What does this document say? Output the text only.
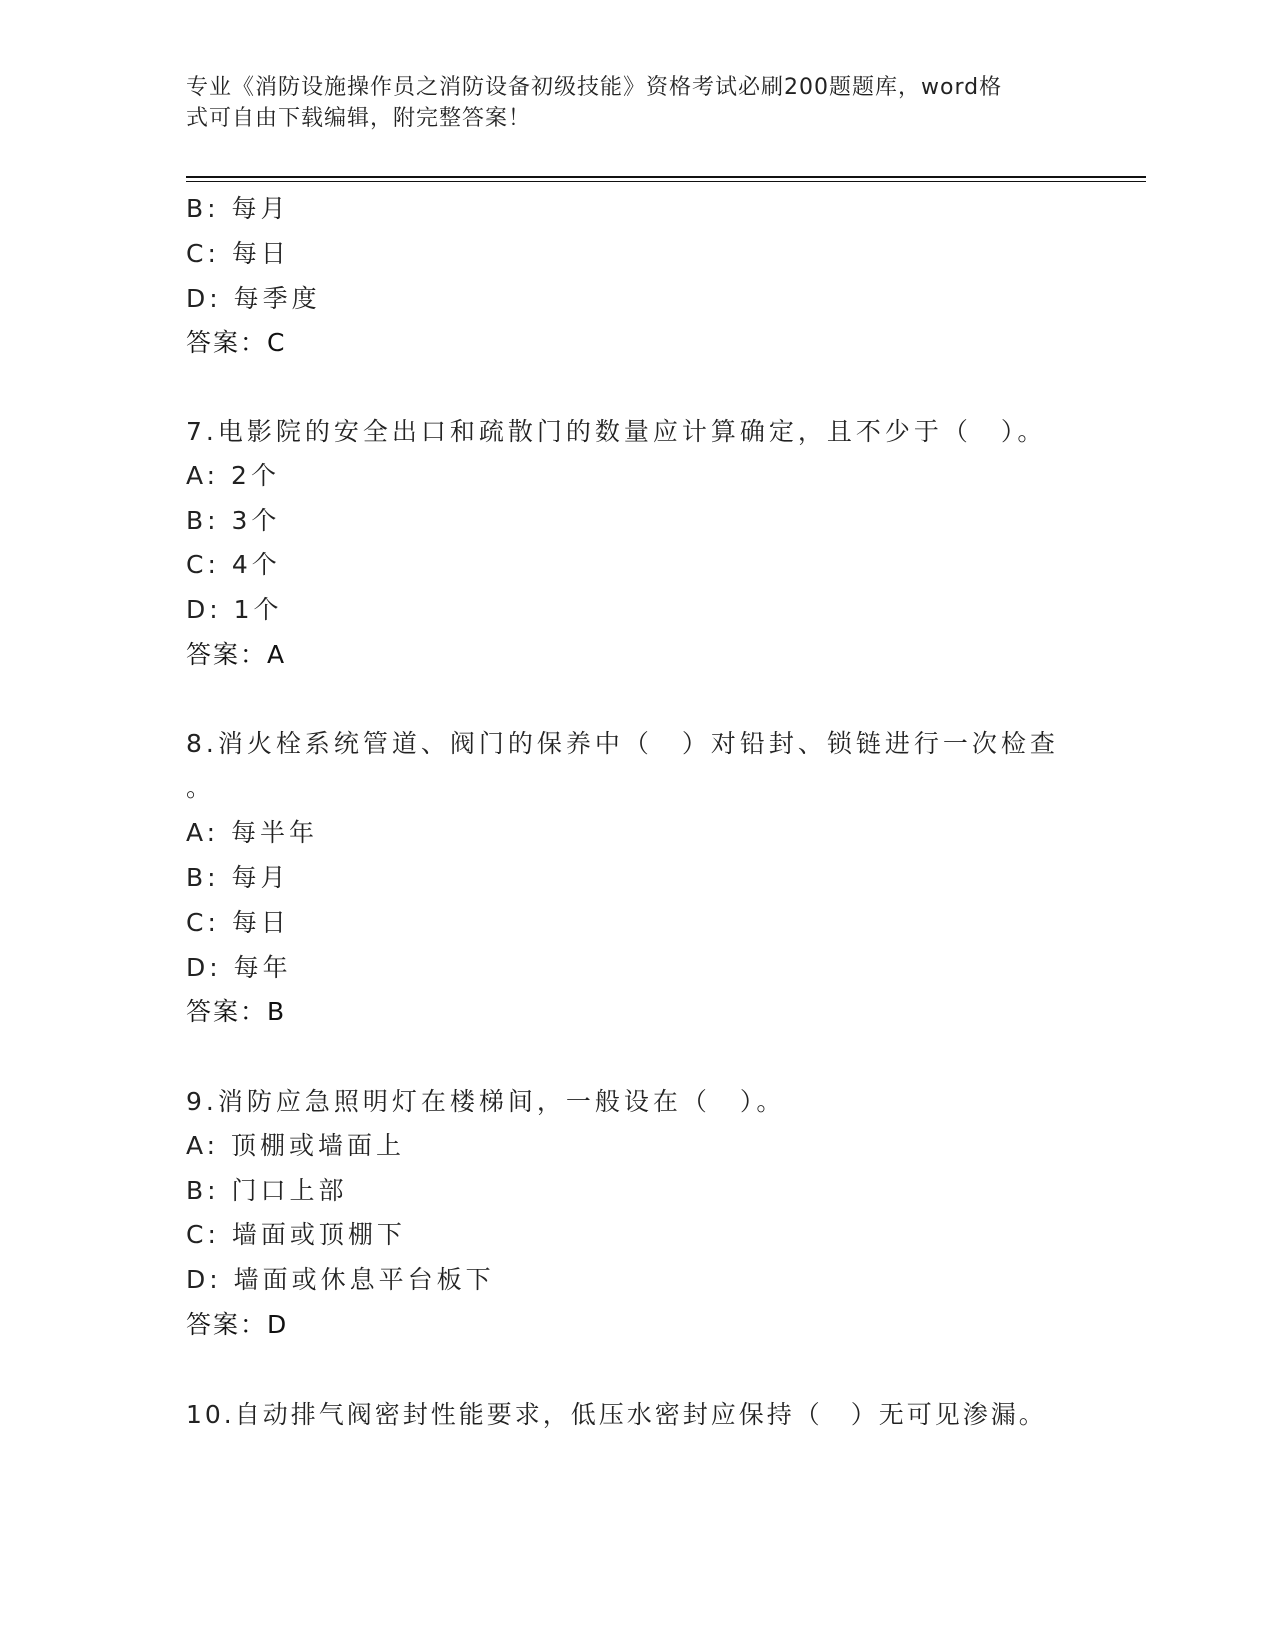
专业《消防设施操作员之消防设备初级技能》资格考试必刷200题题库，word格
式可自由下载编辑，附完整答案！
B: 每月
C: 每日
D: 每季度
答案：C
7.电影院的安全出口和疏散门的数量应计算确定，且不少于（　）。
A: 2个
B: 3个
C: 4个
D: 1个
答案：A
8.消火栓系统管道、阀门的保养中（　）对铅封、锁链进行一次检查
。
A: 每半年
B: 每月
C: 每日
D: 每年
答案：B
9.消防应急照明灯在楼梯间，一般设在（　）。
A: 顶棚或墙面上
B: 门口上部
C: 墙面或顶棚下
D: 墙面或休息平台板下
答案：D
10.自动排气阀密封性能要求，低压水密封应保持（　）无可见渗漏。
